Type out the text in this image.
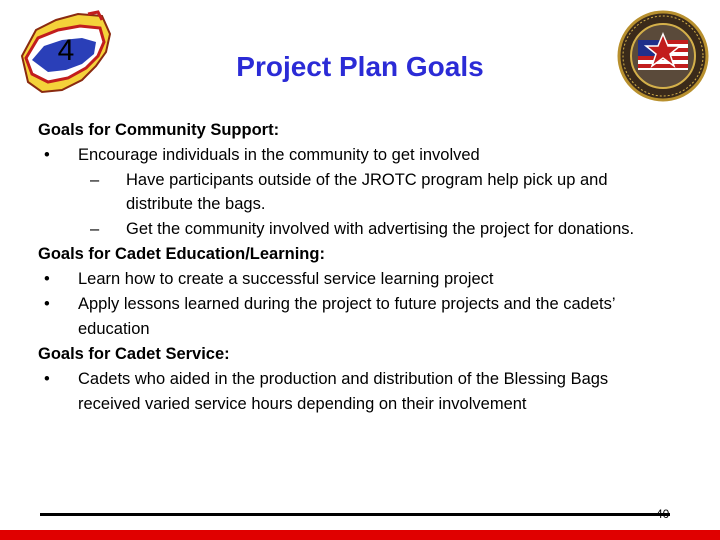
4	Project Plan Goals
Goals for Community Support:
•	Encourage individuals in the community to get involved
– Have participants outside of the JROTC program help pick up and
distribute the bags.
– Get the community involved with advertising the project for donations.
Goals for Cadet Education/Learning:
•	Learn how to create a successful service learning project
•	Apply lessons learned during the project to future projects and the cadets’
education
Goals for Cadet Service:
•	Cadets who aided in the production and distribution of the Blessing Bags
received varied service hours depending on their involvement
40
